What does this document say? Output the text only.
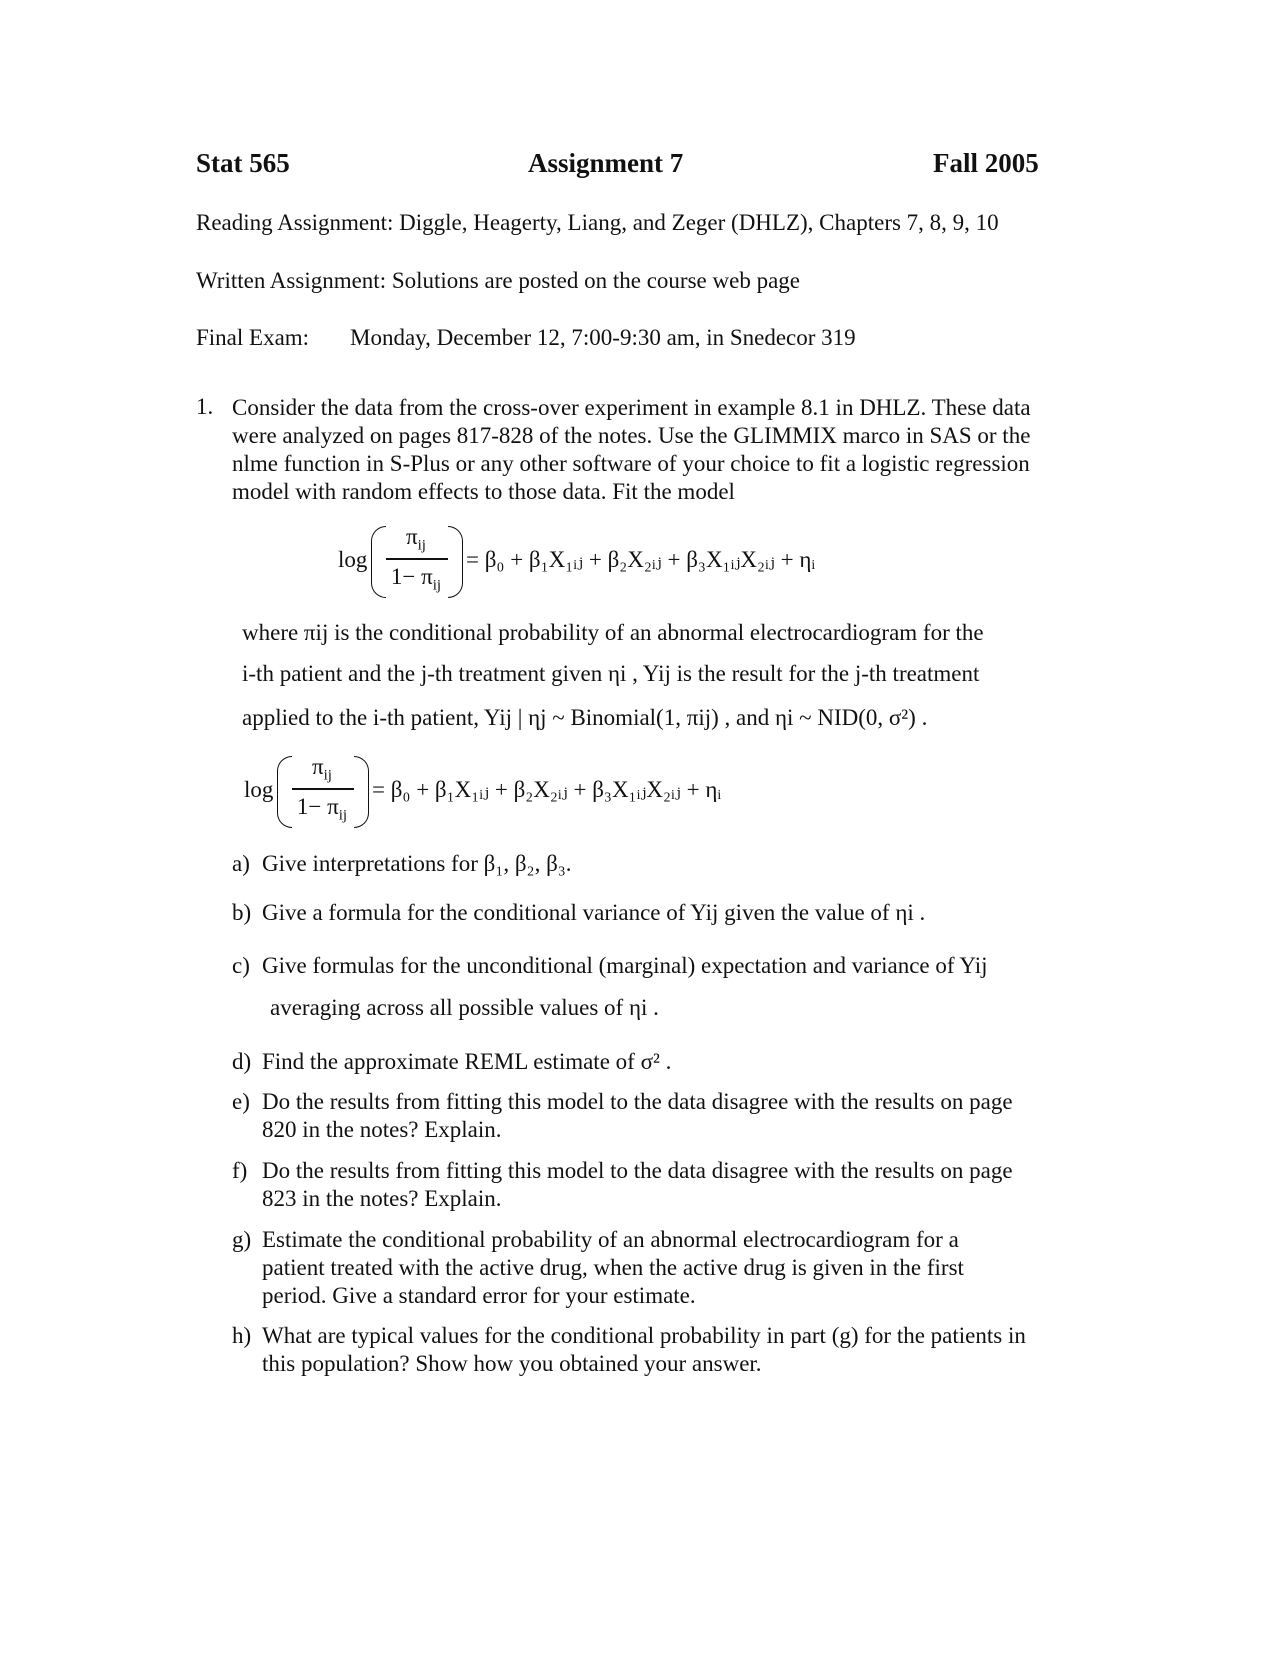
Stat 565	Assignment 7	Fall 2005
Reading Assignment: Diggle, Heagerty, Liang, and Zeger (DHLZ), Chapters 7, 8, 9, 10
Written Assignment: Solutions are posted on the course web page
Final Exam: Monday, December 12, 7:00-9:30 am, in Snedecor 319
1. Consider the data from the cross-over experiment in example 8.1 in DHLZ. These data were analyzed on pages 817-828 of the notes. Use the GLIMMIX marco in SAS or the nlme function in S-Plus or any other software of your choice to fit a logistic regression model with random effects to those data. Fit the model
log
$\pi_{ij}$
$1- \pi_{ij}$
= β₀ + β₁X₁ᵢⱼ + β₂X₂ᵢⱼ + β₃X₁ᵢⱼX₂ᵢⱼ + ηᵢ
where πij is the conditional probability of an abnormal electrocardiogram for the
i-th patient and the j-th treatment given ηi , Yij is the result for the j-th treatment
applied to the i-th patient, Yij | ηj ~ Binomial(1, πij) , and ηi ~ NID(0, σ²) .
log
$\pi_{ij}$
$1- \pi_{ij}$
= β₀ + β₁X₁ᵢⱼ + β₂X₂ᵢⱼ + β₃X₁ᵢⱼX₂ᵢⱼ + ηᵢ
a) Give interpretations for β₁, β₂, β₃.
b) Give a formula for the conditional variance of Yij given the value of ηi .
c) Give formulas for the unconditional (marginal) expectation and variance of Yij
averaging across all possible values of ηi .
d) Find the approximate REML estimate of σ² .
e) Do the results from fitting this model to the data disagree with the results on page 820 in the notes? Explain.
f) Do the results from fitting this model to the data disagree with the results on page 823 in the notes? Explain.
g) Estimate the conditional probability of an abnormal electrocardiogram for a patient treated with the active drug, when the active drug is given in the first period. Give a standard error for your estimate.
h) What are typical values for the conditional probability in part (g) for the patients in this population? Show how you obtained your answer.
